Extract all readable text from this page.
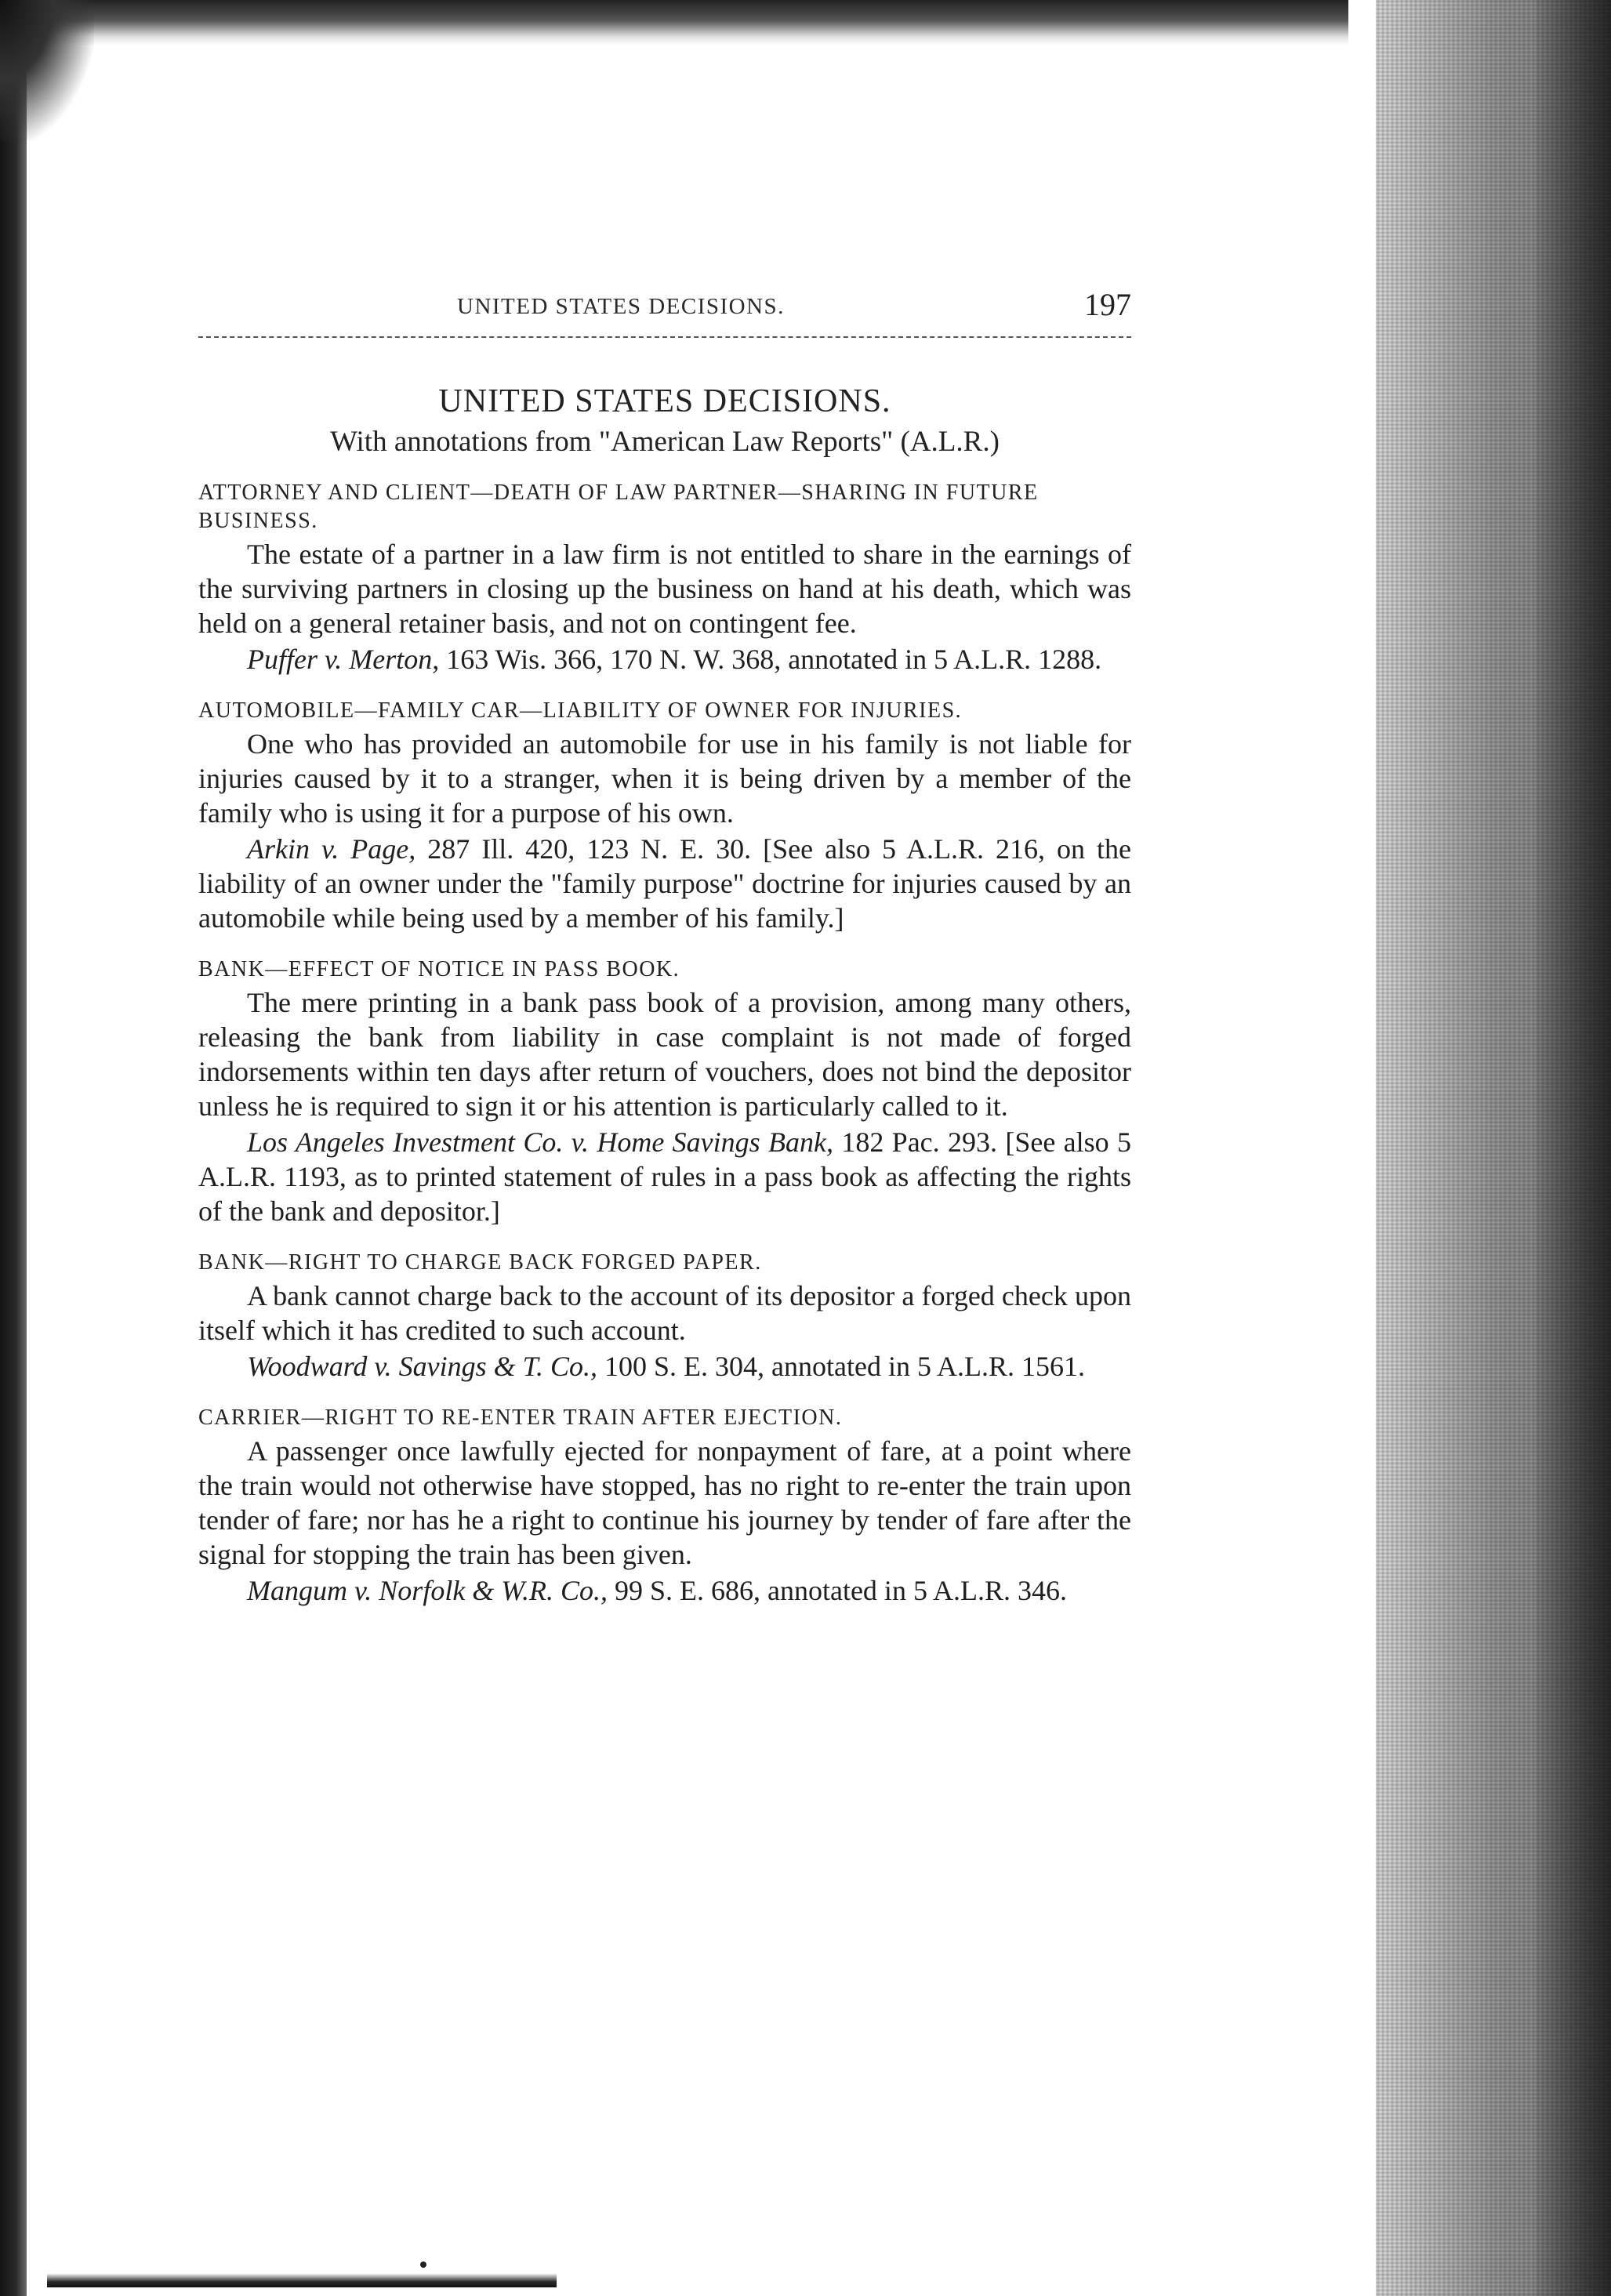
UNITED STATES DECISIONS.	197
UNITED STATES DECISIONS.
With annotations from "American Law Reports" (A.L.R.)
ATTORNEY AND CLIENT—DEATH OF LAW PARTNER—SHARING IN FUTURE BUSINESS.

The estate of a partner in a law firm is not entitled to share in the earnings of the surviving partners in closing up the business on hand at his death, which was held on a general retainer basis, and not on contingent fee.

Puffer v. Merton, 163 Wis. 366, 170 N. W. 368, annotated in 5 A.L.R. 1288.

AUTOMOBILE—FAMILY CAR—LIABILITY OF OWNER FOR INJURIES.

One who has provided an automobile for use in his family is not liable for injuries caused by it to a stranger, when it is being driven by a member of the family who is using it for a purpose of his own.

Arkin v. Page, 287 Ill. 420, 123 N. E. 30. [See also 5 A.L.R. 216, on the liability of an owner under the "family purpose" doctrine for injuries caused by an automobile while being used by a member of his family.]

BANK—EFFECT OF NOTICE IN PASS BOOK.

The mere printing in a bank pass book of a provision, among many others, releasing the bank from liability in case complaint is not made of forged indorsements within ten days after return of vouchers, does not bind the depositor unless he is required to sign it or his attention is particularly called to it.

Los Angeles Investment Co. v. Home Savings Bank, 182 Pac. 293. [See also 5 A.L.R. 1193, as to printed statement of rules in a pass book as affecting the rights of the bank and depositor.]

BANK—RIGHT TO CHARGE BACK FORGED PAPER.

A bank cannot charge back to the account of its depositor a forged check upon itself which it has credited to such account.

Woodward v. Savings & T. Co., 100 S. E. 304, annotated in 5 A.L.R. 1561.

CARRIER—RIGHT TO RE-ENTER TRAIN AFTER EJECTION.

A passenger once lawfully ejected for nonpayment of fare, at a point where the train would not otherwise have stopped, has no right to re-enter the train upon tender of fare; nor has he a right to continue his journey by tender of fare after the signal for stopping the train has been given.

Mangum v. Norfolk & W.R. Co., 99 S. E. 686, annotated in 5 A.L.R. 346.
